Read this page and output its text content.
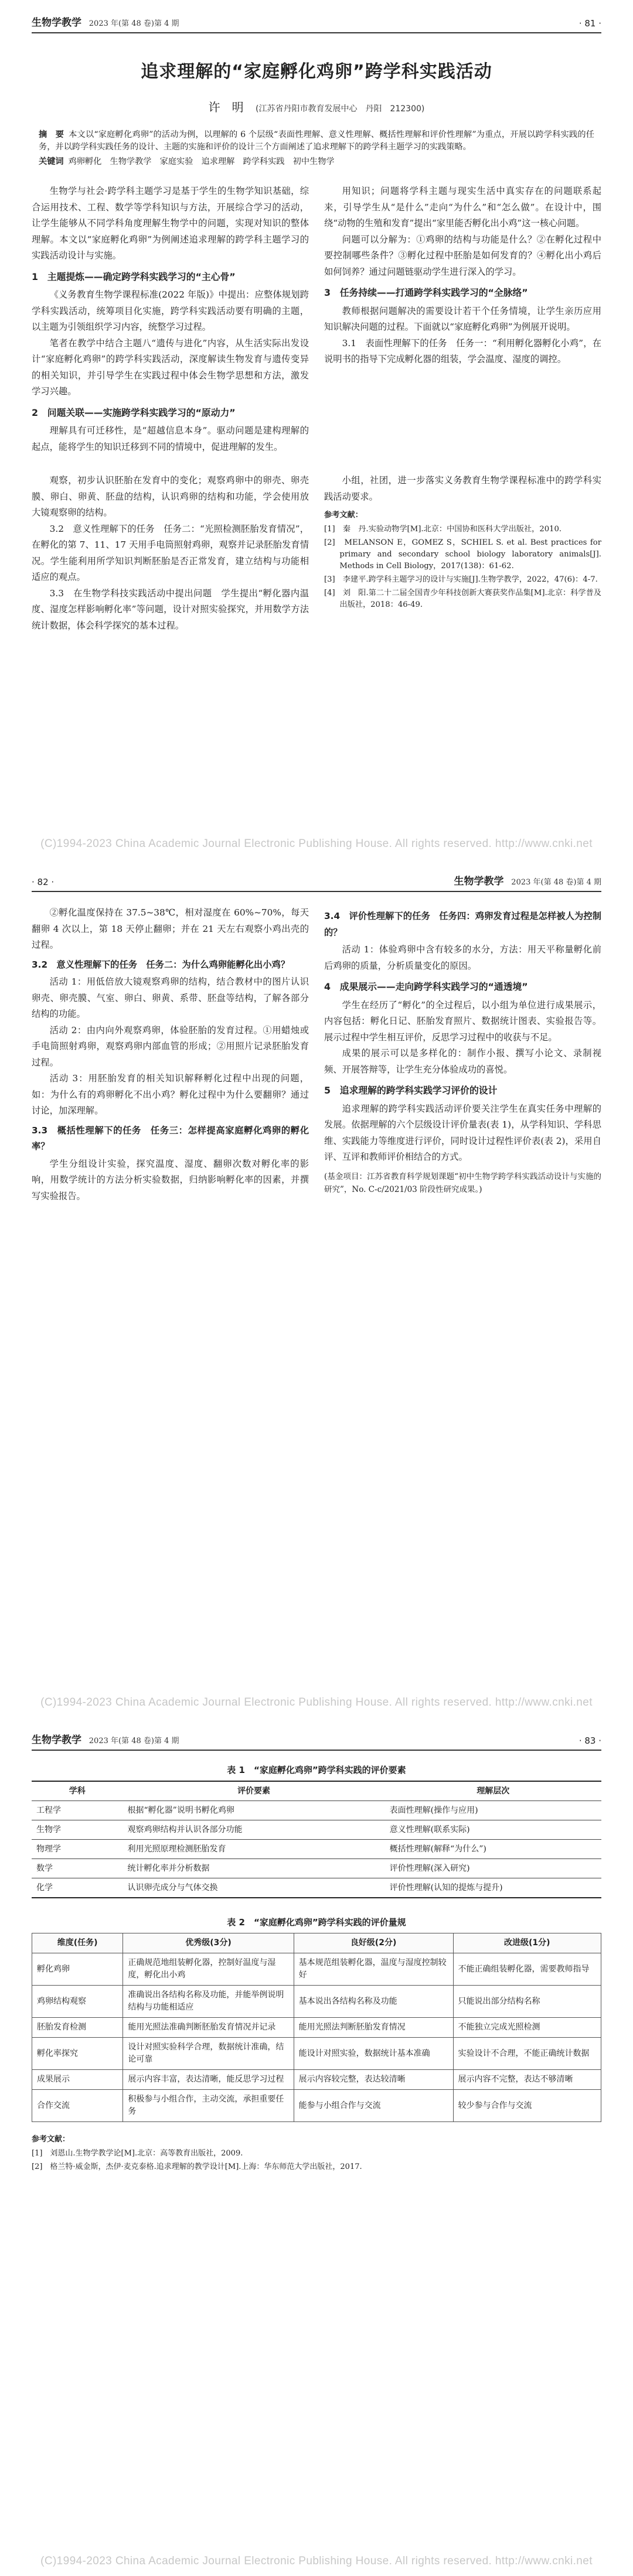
生物学教学 2023 年(第 48 卷)第 4 期	· 81 ·
追求理解的“家庭孵化鸡卵”跨学科实践活动
许　明 (江苏省丹阳市教育发展中心　丹阳　212300)

摘　要 本文以“家庭孵化鸡卵”的活动为例，以理解的 6 个层级“表面性理解、意义性理解、概括性理解和评价性理解”为重点，开展以跨学科实践的任务，并以跨学科实践任务的设计、主题的实施和评价的设计三个方面阐述了追求理解下的跨学科主题学习的实践策略。

关键词 鸡卵孵化　生物学教学　家庭实验　追求理解　跨学科实践　初中生物学

生物学与社会·跨学科主题学习是基于学生的生物学知识基础，综合运用技术、工程、数学等学科知识与方法，开展综合学习的活动，让学生能够从不同学科角度理解生物学中的问题，实现对知识的整体理解。本文以“家庭孵化鸡卵”为例阐述追求理解的跨学科主题学习的实践活动设计与实施。

1　主题提炼——确定跨学科实践学习的“主心骨”

《义务教育生物学课程标准(2022 年版)》中提出：应整体规划跨学科实践活动，统筹项目化实施，跨学科实践活动要有明确的主题，以主题为引领组织学习内容，统整学习过程。

笔者在教学中结合主题八“遗传与进化”内容，从生活实际出发设计“家庭孵化鸡卵”的跨学科实践活动，深度解读生物发育与遗传变异的相关知识，并引导学生在实践过程中体会生物学思想和方法，激发学习兴趣。

2　问题关联——实施跨学科实践学习的“原动力”

理解具有可迁移性，是“超越信息本身”。驱动问题是建构理解的起点，能将学生的知识迁移到不同的情境中，促进理解的发生。

用知识；问题将学科主题与现实生活中真实存在的问题联系起来，引导学生从“是什么”走向“为什么”和“怎么做”。在设计中，围绕“动物的生殖和发育”提出“家里能否孵化出小鸡”这一核心问题。

问题可以分解为：①鸡卵的结构与功能是什么？②在孵化过程中要控制哪些条件？③孵化过程中胚胎是如何发育的？④孵化出小鸡后如何饲养？通过问题链驱动学生进行深入的学习。

3　任务持续——打通跨学科实践学习的“全脉络”

教师根据问题解决的需要设计若干个任务情境，让学生亲历应用知识解决问题的过程。下面就以“家庭孵化鸡卵”为例展开说明。

3.1　表面性理解下的任务　任务一：“利用孵化器孵化小鸡”，在说明书的指导下完成孵化器的组装，学会温度、湿度的调控。

观察，初步认识胚胎在发育中的变化；观察鸡卵中的卵壳、卵壳膜、卵白、卵黄、胚盘的结构，认识鸡卵的结构和功能，学会使用放大镜观察卵的结构。

3.2　意义性理解下的任务　任务二：“光照检测胚胎发育情况”，在孵化的第 7、11、17 天用手电筒照射鸡卵，观察并记录胚胎发育情况。学生能利用所学知识判断胚胎是否正常发育，建立结构与功能相适应的观点。

3.3　在生物学科技实践活动中提出问题　学生提出“孵化器内温度、湿度怎样影响孵化率”等问题，设计对照实验探究，并用数学方法统计数据，体会科学探究的基本过程。

小组，社团，进一步落实义务教育生物学课程标准中的跨学科实践活动要求。

参考文献：
[1]　秦　丹.实验动物学[M].北京：中国协和医科大学出版社，2010.
[2]　MELANSON E，GOMEZ S，SCHIEL S. et al. Best practices for primary and secondary school biology laboratory animals[J]. Methods in Cell Biology，2017(138)：61-62.
[3]　李建平.跨学科主题学习的设计与实施[J].生物学教学，2022，47(6)：4-7.
[4]　刘　阳.第二十二届全国青少年科技创新大赛获奖作品集[M].北京：科学普及出版社，2018：46-49.
(C)1994-2023 China Academic Journal Electronic Publishing House. All rights reserved. http://www.cnki.net
· 82 ·	生物学教学 2023 年(第 48 卷)第 4 期

②孵化温度保持在 37.5~38℃，相对湿度在 60%~70%，每天翻卵 4 次以上，第 18 天停止翻卵；并在 21 天左右观察小鸡出壳的过程。

3.2　意义性理解下的任务　任务二：为什么鸡卵能孵化出小鸡？

活动 1：用低倍放大镜观察鸡卵的结构，结合教材中的图片认识卵壳、卵壳膜、气室、卵白、卵黄、系带、胚盘等结构，了解各部分结构的功能。

活动 2：由内向外观察鸡卵，体验胚胎的发育过程。①用蜡烛或手电筒照射鸡卵，观察鸡卵内部血管的形成；②用照片记录胚胎发育过程。

活动 3：用胚胎发育的相关知识解释孵化过程中出现的问题，如：为什么有的鸡卵孵化不出小鸡？孵化过程中为什么要翻卵？通过讨论，加深理解。

3.3　概括性理解下的任务　任务三：怎样提高家庭孵化鸡卵的孵化率？

学生分组设计实验，探究温度、湿度、翻卵次数对孵化率的影响，用数学统计的方法分析实验数据，归纳影响孵化率的因素，并撰写实验报告。

3.4　评价性理解下的任务　任务四：鸡卵发育过程是怎样被人为控制的？

活动 1：体验鸡卵中含有较多的水分，方法：用天平称量孵化前后鸡卵的质量，分析质量变化的原因。

4　成果展示——走向跨学科实践学习的“通透境”

学生在经历了“孵化”的全过程后，以小组为单位进行成果展示，内容包括：孵化日记、胚胎发育照片、数据统计图表、实验报告等。展示过程中学生相互评价，反思学习过程中的收获与不足。

成果的展示可以是多样化的：制作小报、撰写小论文、录制视频、开展答辩等，让学生充分体验成功的喜悦。

5　追求理解的跨学科实践学习评价的设计

追求理解的跨学科实践活动评价要关注学生在真实任务中理解的发展。依据理解的六个层级设计评价量表(表 1)，从学科知识、学科思维、实践能力等维度进行评价，同时设计过程性评价表(表 2)，采用自评、互评和教师评价相结合的方式。

(基金项目：江苏省教育科学规划课题“初中生物学跨学科实践活动设计与实施的研究”，No. C-c/2021/03 阶段性研究成果。)

(C)1994-2023 China Academic Journal Electronic Publishing House. All rights reserved. http://www.cnki.net
生物学教学 2023 年(第 48 卷)第 4 期	· 83 ·
表 1　“家庭孵化鸡卵”跨学科实践的评价要素
学科	评价要素	理解层次
工程学	根据“孵化器”说明书孵化鸡卵	表面性理解(操作与应用)
生物学	观察鸡卵结构并认识各部分功能	意义性理解(联系实际)
物理学	利用光照原理检测胚胎发育	概括性理解(解释“为什么”)
数学	统计孵化率并分析数据	评价性理解(深入研究)
化学	认识卵壳成分与气体交换	评价性理解(认知的提炼与提升)
表 2　“家庭孵化鸡卵”跨学科实践的评价量规
维度(任务)	优秀级(3分)	良好级(2分)	改进级(1分)
孵化鸡卵	正确规范地组装孵化器，控制好温度与湿度，孵化出小鸡	基本规范组装孵化器，温度与湿度控制较好	不能正确组装孵化器，需要教师指导
鸡卵结构观察	准确说出各结构名称及功能，并能举例说明结构与功能相适应	基本说出各结构名称及功能	只能说出部分结构名称
胚胎发育检测	能用光照法准确判断胚胎发育情况并记录	能用光照法判断胚胎发育情况	不能独立完成光照检测
孵化率探究	设计对照实验科学合理，数据统计准确，结论可靠	能设计对照实验，数据统计基本准确	实验设计不合理，不能正确统计数据
成果展示	展示内容丰富，表达清晰，能反思学习过程	展示内容较完整，表达较清晰	展示内容不完整，表达不够清晰
合作交流	积极参与小组合作，主动交流，承担重要任务	能参与小组合作与交流	较少参与合作与交流
参考文献：
[1]　刘恩山.生物学教学论[M].北京：高等教育出版社，2009.
[2]　格兰特·威金斯，杰伊·麦克泰格.追求理解的教学设计[M].上海：华东师范大学出版社，2017.
(C)1994-2023 China Academic Journal Electronic Publishing House. All rights reserved. http://www.cnki.net
